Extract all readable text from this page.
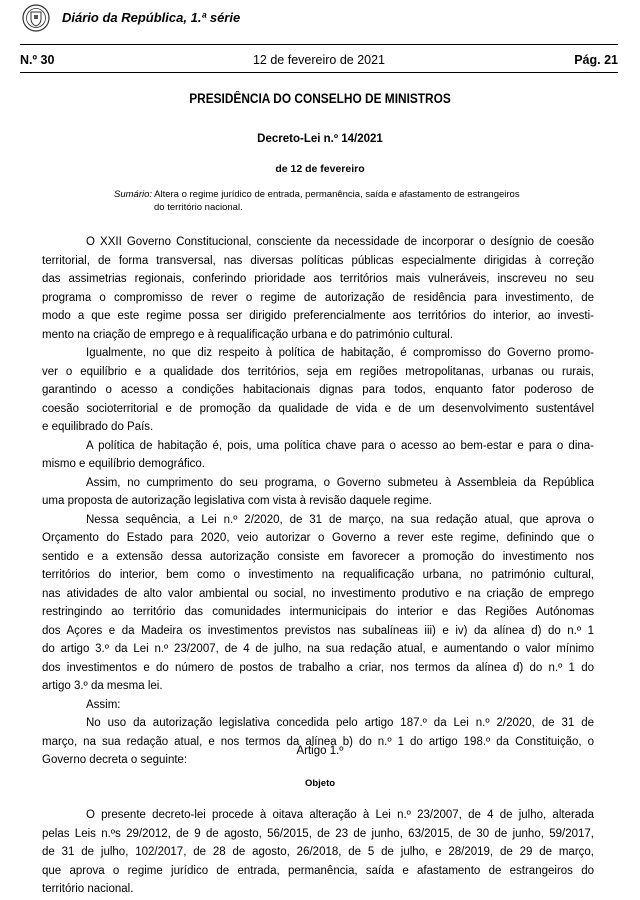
Diário da República, 1.ª série
N.º 30	12 de fevereiro de 2021	Pág. 21
PRESIDÊNCIA DO CONSELHO DE MINISTROS
Decreto-Lei n.º 14/2021
de 12 de fevereiro
Sumário: Altera o regime jurídico de entrada, permanência, saída e afastamento de estrangeiros
do território nacional.
O XXII Governo Constitucional, consciente da necessidade de incorporar o desígnio de coesão
territorial, de forma transversal, nas diversas políticas públicas especialmente dirigidas à correção
das assimetrias regionais, conferindo prioridade aos territórios mais vulneráveis, inscreveu no seu
programa o compromisso de rever o regime de autorização de residência para investimento, de
modo a que este regime possa ser dirigido preferencialmente aos territórios do interior, ao investi-
mento na criação de emprego e à requalificação urbana e do património cultural.
Igualmente, no que diz respeito à política de habitação, é compromisso do Governo promo-
ver o equilíbrio e a qualidade dos territórios, seja em regiões metropolitanas, urbanas ou rurais,
garantindo o acesso a condições habitacionais dignas para todos, enquanto fator poderoso de
coesão socioterritorial e de promoção da qualidade de vida e de um desenvolvimento sustentável
e equilibrado do País.
A política de habitação é, pois, uma política chave para o acesso ao bem-estar e para o dina-
mismo e equilíbrio demográfico.
Assim, no cumprimento do seu programa, o Governo submeteu à Assembleia da República
uma proposta de autorização legislativa com vista à revisão daquele regime.
Nessa sequência, a Lei n.º 2/2020, de 31 de março, na sua redação atual, que aprova o
Orçamento do Estado para 2020, veio autorizar o Governo a rever este regime, definindo que o
sentido e a extensão dessa autorização consiste em favorecer a promoção do investimento nos
territórios do interior, bem como o investimento na requalificação urbana, no património cultural,
nas atividades de alto valor ambiental ou social, no investimento produtivo e na criação de emprego
restringindo ao território das comunidades intermunicipais do interior e das Regiões Autónomas
dos Açores e da Madeira os investimentos previstos nas subalíneas iii) e iv) da alínea d) do n.º 1
do artigo 3.º da Lei n.º 23/2007, de 4 de julho, na sua redação atual, e aumentando o valor mínimo
dos investimentos e do número de postos de trabalho a criar, nos termos da alínea d) do n.º 1 do
artigo 3.º da mesma lei.
Assim:
No uso da autorização legislativa concedida pelo artigo 187.º da Lei n.º 2/2020, de 31 de
março, na sua redação atual, e nos termos da alínea b) do n.º 1 do artigo 198.º da Constituição, o
Governo decreta o seguinte:
Artigo 1.º
Objeto
O presente decreto-lei procede à oitava alteração à Lei n.º 23/2007, de 4 de julho, alterada
pelas Leis n.ºs 29/2012, de 9 de agosto, 56/2015, de 23 de junho, 63/2015, de 30 de junho, 59/2017,
de 31 de julho, 102/2017, de 28 de agosto, 26/2018, de 5 de julho, e 28/2019, de 29 de março,
que aprova o regime jurídico de entrada, permanência, saída e afastamento de estrangeiros do
território nacional.
